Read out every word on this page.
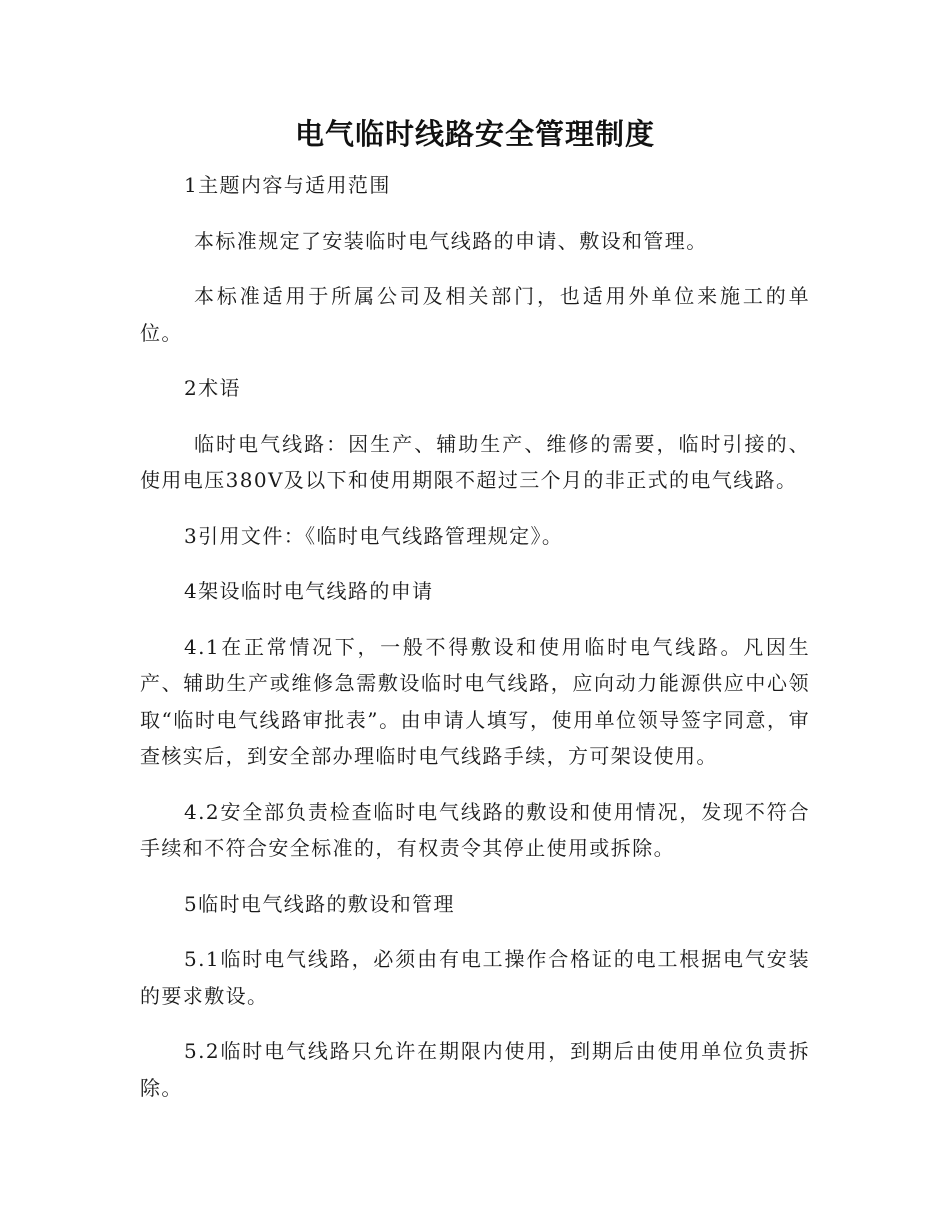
电气临时线路安全管理制度

1主题内容与适用范围

本标准规定了安装临时电气线路的申请、敷设和管理。

本标准适用于所属公司及相关部门，也适用外单位来施工的单位。

2术语

临时电气线路：因生产、辅助生产、维修的需要，临时引接的、使用电压380V及以下和使用期限不超过三个月的非正式的电气线路。

3引用文件：《临时电气线路管理规定》。

4架设临时电气线路的申请

4.1在正常情况下，一般不得敷设和使用临时电气线路。凡因生产、辅助生产或维修急需敷设临时电气线路，应向动力能源供应中心领取“临时电气线路审批表”。由申请人填写，使用单位领导签字同意，审查核实后，到安全部办理临时电气线路手续，方可架设使用。

4.2安全部负责检查临时电气线路的敷设和使用情况，发现不符合手续和不符合安全标准的，有权责令其停止使用或拆除。

5临时电气线路的敷设和管理

5.1临时电气线路，必须由有电工操作合格证的电工根据电气安装的要求敷设。

5.2临时电气线路只允许在期限内使用，到期后由使用单位负责拆除。
